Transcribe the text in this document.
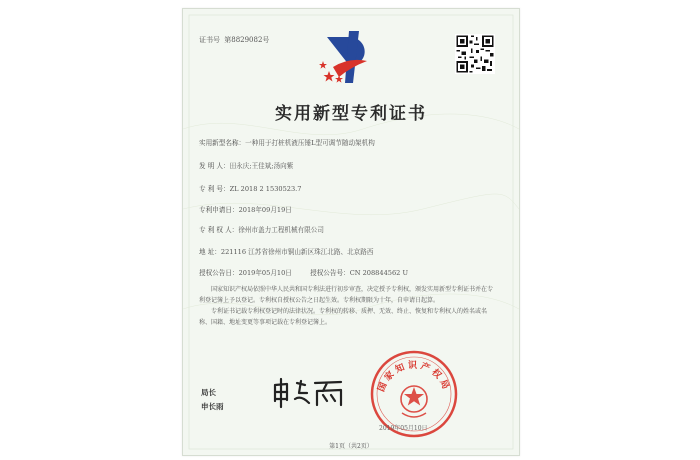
证书号 第8829082号
实用新型专利证书
实用新型名称：一种用于打桩机液压锤L型可调节随动架机构
发 明 人：田永庆;王佳斌;汤向紫
专 利 号：ZL 2018 2 1530523.7
专利申请日：2018年09月19日
专 利 权 人：徐州市盖力工程机械有限公司
地 址：221116 江苏省徐州市铜山新区珠江北路、北京路西
授权公告日：2019年05月10日	授权公告号：CN 208844562 U

国家知识产权局依照中华人民共和国专利法进行初步审查，决定授予专利权，颁发实用新型专利证书并在专利登记簿上予以登记。专利权自授权公告之日起生效。专利权期限为十年，自申请日起算。

专利证书记载专利权登记时的法律状况。专利权的转移、质押、无效、终止、恢复和专利权人的姓名或名称、国籍、地址变更等事项记载在专利登记簿上。

局长
申长雨
国家知识产权局
2019年05月10日
第1页（共2页）
